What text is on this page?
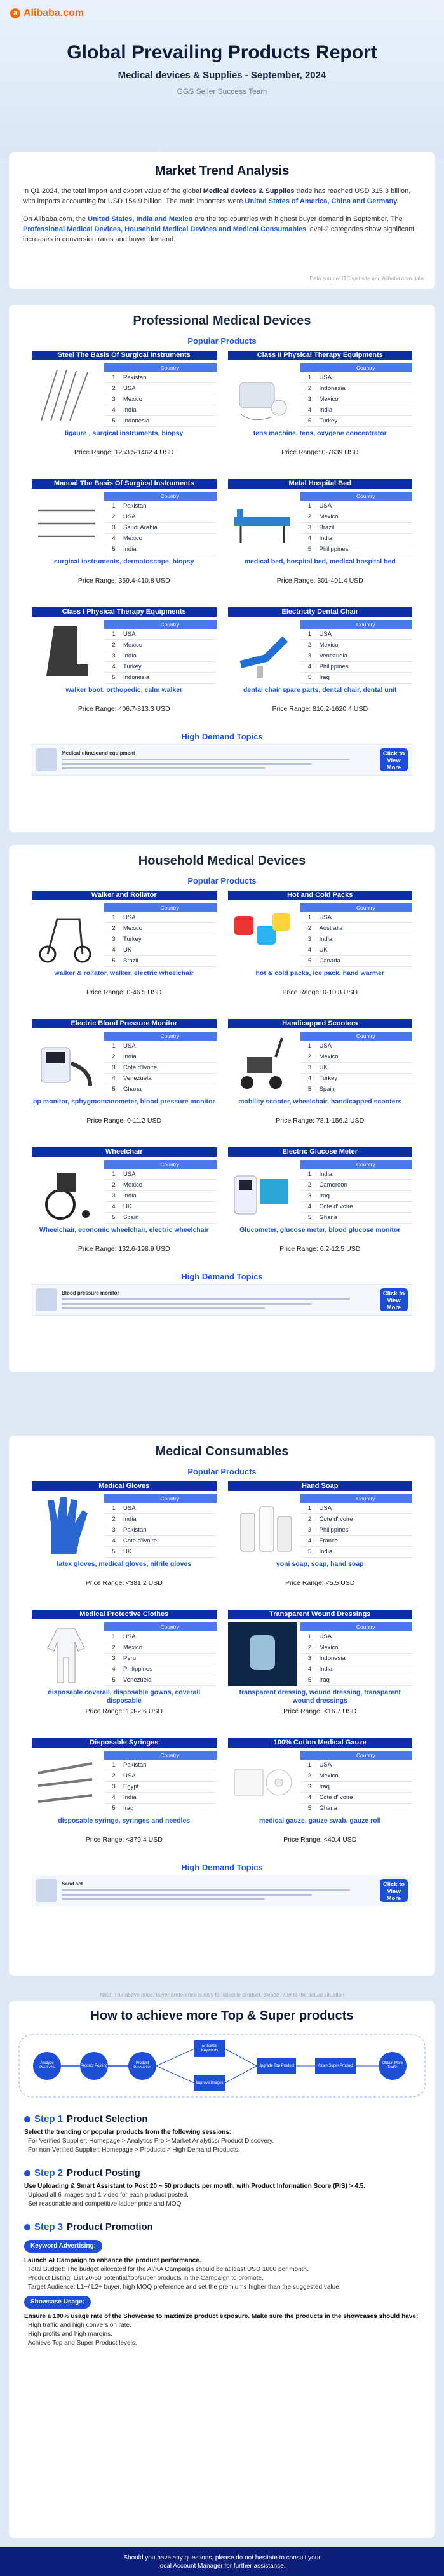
a Alibaba.com
Global Prevailing Products Report
Medical devices & Supplies - September, 2024
GGS Seller Success Team
Market Trend Analysis

In Q1 2024, the total import and export value of the global Medical devices & Supplies trade has reached USD 315.3 billion, with imports accounting for USD 154.9 billion. The main importers were United States of America, China and Germany.

On Alibaba.com, the United States, India and Mexico are the top countries with highest buyer demand in September. The Professional Medical Devices, Household Medical Devices and Medical Consumables level-2 categories show significant increases in conversion rates and buyer demand.

Data source: ITC website and Alibaba.com data
Professional Medical Devices
Popular Products
Steel The Basis Of Surgical Instruments
	Country
1	Pakistan
2	USA
3	Mexico
4	India
5	Indonesia
ligaure , surgical instruments, biopsy
Price Range: 1253.5-1462.4 USD
Class II Physical Therapy Equipments
	Country
1	USA
2	Indonesia
3	Mexico
4	India
5	Turkey
tens machine, tens, oxygene concentrator
Price Range: 0-7639 USD
Manual The Basis Of Surgical Instruments
	Country
1	Pakistan
2	USA
3	Saudi Arabia
4	Mexico
5	India
surgical instruments, dermatoscope, biopsy
Price Range: 359.4-410.8 USD
Metal Hospital Bed
	Country
1	USA
2	Mexico
3	Brazil
4	India
5	Philippines
medical bed, hospital bed, medical hospital bed
Price Range: 301-401.4 USD
Class I Physical Therapy Equipments
	Country
1	USA
2	Mexico
3	India
4	Turkey
5	Indonesia
walker boot, orthopedic, calm walker
Price Range: 406.7-813.3 USD
Electricity Dental Chair
	Country
1	USA
2	Mexico
3	Venezuela
4	Philippines
5	Iraq
dental chair spare parts, dental chair, dental unit
Price Range: 810.2-1620.4 USD
High Demand Topics
Medical ultrasound equipment	Click to View More
Household Medical Devices
Popular Products
Walker and Rollator
	Country
1	USA
2	Mexico
3	Turkey
4	UK
5	Brazil
walker & rollator, walker, electric wheelchair
Price Range: 0-46.5 USD
Hot and Cold Packs
	Country
1	USA
2	Australia
3	India
4	UK
5	Canada
hot & cold packs, ice pack, hand warmer
Price Range: 0-10.8 USD
Electric Blood Pressure Monitor
	Country
1	USA
2	India
3	Cote d'Ivoire
4	Venezuela
5	Ghana
bp monitor, sphygmomanometer, blood pressure monitor
Price Range: 0-11.2 USD
Handicapped Scooters
	Country
1	USA
2	Mexico
3	UK
4	Turkey
5	Spain
mobility scooter, wheelchair, handicapped scooters
Price Range: 78.1-156.2 USD
Wheelchair
	Country
1	USA
2	Mexico
3	India
4	UK
5	Spain
Wheelchair, economic wheelchair, electric wheelchair
Price Range: 132.6-198.9 USD
Electric Glucose Meter
	Country
1	India
2	Cameroon
3	Iraq
4	Cote d'Ivoire
5	Ghana
Glucometer, glucose meter, blood glucose monitor
Price Range: 6.2-12.5 USD
High Demand Topics
Blood pressure monitor	Click to View More
Medical Consumables
Popular Products
Medical Gloves
	Country
1	USA
2	India
3	Pakistan
4	Cote d'Ivoire
5	UK
latex gloves, medical gloves, nitrile gloves
Price Range: <381.2 USD
Hand Soap
	Country
1	USA
2	Cote d'Ivoire
3	Philippines
4	France
5	India
yoni soap, soap, hand soap
Price Range: <5.5 USD
Medical Protective Clothes
	Country
1	USA
2	Mexico
3	Peru
4	Philippines
5	Venezuela
disposable coverall, disposable gowns, coverall disposable
Price Range: 1.3-2.6 USD
Transparent Wound Dressings
	Country
1	USA
2	Mexico
3	Indonesia
4	India
5	Iraq
transparent dressing, wound dressing, transparent wound dressings
Price Range: <16.7 USD
Disposable Syringes
	Country
1	Pakistan
2	USA
3	Egypt
4	India
5	Iraq
disposable syringe, syringes and needles
Price Range: <379.4 USD
100% Cotton Medical Gauze
	Country
1	USA
2	Mexico
3	Iraq
4	Cote d'Ivoire
5	Ghana
medical gauze, gauze swab, gauze roll
Price Range: <40.4 USD
High Demand Topics
Sand set	Click to View More
Note: The above price, buyer preference is only for specific product, please refer to the actual situation
How to achieve more Top & Super products
Analyze Products
Product Posting
Product Promotion
Enhance Keywords
Improve Images
Upgrade Top Product	Attain Super Product
Obtain More Traffic
Step 1 Product Selection
Select the trending or popular products from the following sessions:
For Verified Supplier: Homepage > Analytics Pro > Market Analytics/ Product Discovery.
For non-Verified Supplier: Homepage > Products > High Demand Products.
Step 2 Product Posting
Use Uploading & Smart Assistant to Post 20 ~ 50 products per month, with Product Information Score (PIS) > 4.5.
Upload all 6 images and 1 video for each product posted.
Set reasonable and competitive ladder price and MOQ.
Step 3 Product Promotion
Keyword Advertising:
Launch AI Campaign to enhance the product performance.
Total Budget: The budget allocated for the AI/KA Campaign should be at least USD 1000 per month.
Product Listing: List 20-50 potential/top/super products in the Campaign to promote.
Target Audience: L1+/ L2+ buyer, high MOQ preference and set the premiums higher than the suggested value.
Showcase Usage:
Ensure a 100% usage rate of the Showcase to maximize product exposure. Make sure the products in the showcases should have:
High traffic and high conversion rate.
High profits and high margins.
Achieve Top and Super Product levels.
Should you have any questions, please do not hesitate to consult your
local Account Manager for further assistance.
